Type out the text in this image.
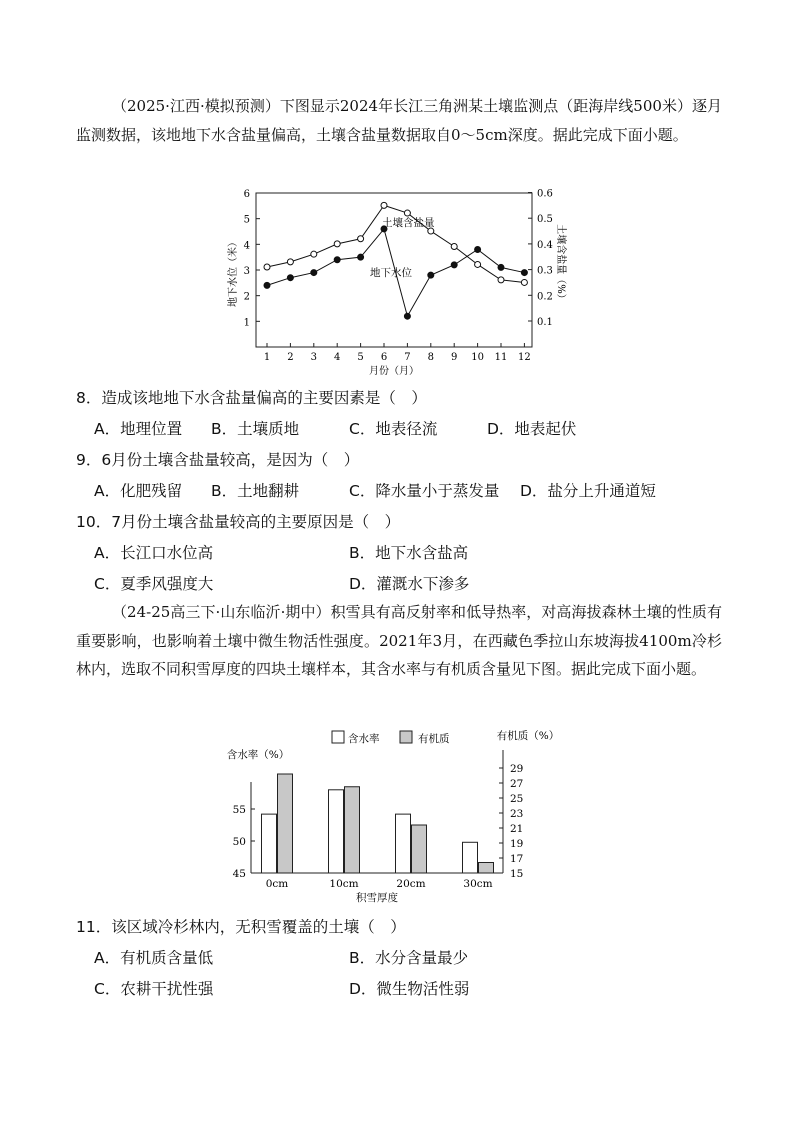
（2025·江西·模拟预测）下图显示2024年长江三角洲某土壤监测点（距海岸线500米）逐月监测数据，该地地下水含盐量偏高，土壤含盐量数据取自0～5cm深度。据此完成下面小题。
1
2
3
4
5
6
0.1
0.2
0.3
0.4
0.5
0.6
1 2 3 4 5 6 7 8 9 10 11 12
月份（月）
地下水位（米）	土壤含盐量（%）
土壤含盐量
地下水位
8．造成该地地下水含盐量偏高的主要因素是（　）
A．地理位置 B．土壤质地	C．地表径流	D．地表起伏
9．6月份土壤含盐量较高，是因为（　）
A．化肥残留 B．土地翻耕	C．降水量小于蒸发量 D．盐分上升通道短
10．7月份土壤含盐量较高的主要原因是（　）
A．长江口水位高	B．地下水含盐高
C．夏季风强度大	D．灌溉水下渗多
（24-25高三下·山东临沂·期中）积雪具有高反射率和低导热率，对高海拔森林土壤的性质有重要影响，也影响着土壤中微生物活性强度。2021年3月，在西藏色季拉山东坡海拔4100m冷杉林内，选取不同积雪厚度的四块土壤样本，其含水率与有机质含量见下图。据此完成下面小题。
45
50
55
15
17
19
21
23
25
27
29
含水率（%）
有机质（%）
含水率	有机质
0cm	10cm	20cm	30cm
积雪厚度
11．该区域冷杉林内，无积雪覆盖的土壤（　）
A．有机质含量低	B．水分含量最少
C．农耕干扰性强	D．微生物活性弱
